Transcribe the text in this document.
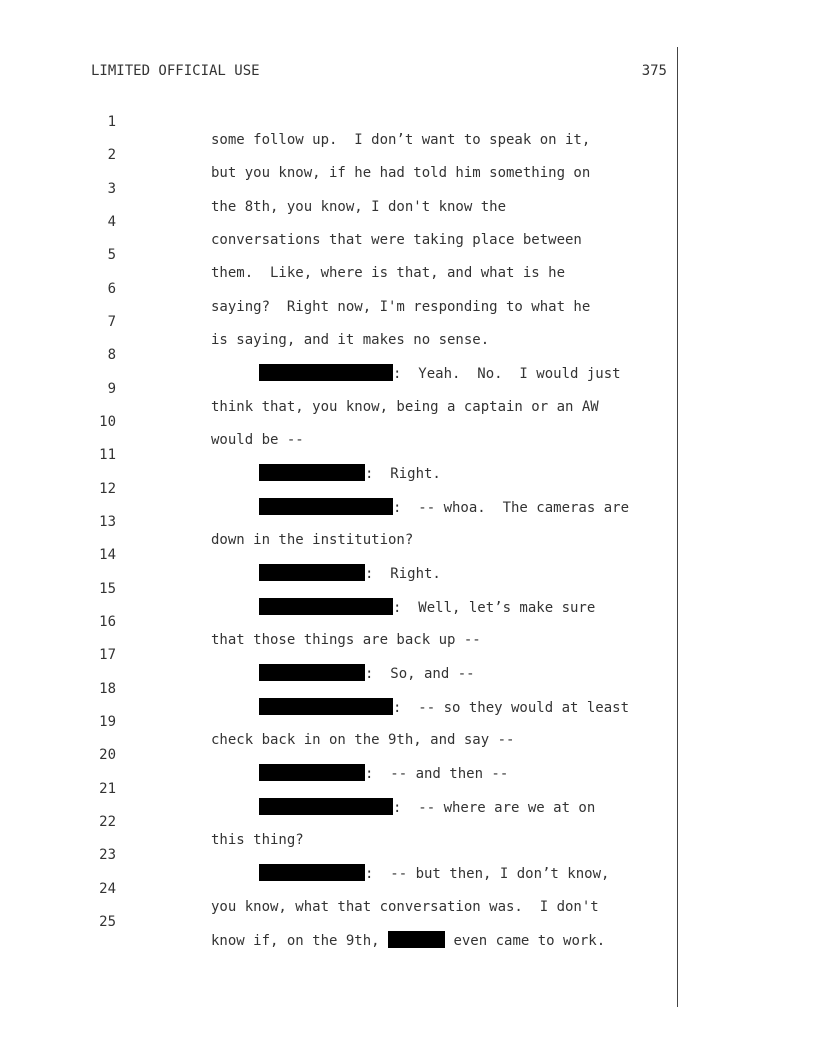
LIMITED OFFICIAL USE	375

1

some follow up.  I don’t want to speak on it,

2

but you know, if he had told him something on

3

the 8th, you know, I don't know the

4

conversations that were taking place between

5

them.  Like, where is that, and what is he

6

saying?  Right now, I'm responding to what he

7

is saying, and it makes no sense.

8

:  Yeah.  No.  I would just

9

think that, you know, being a captain or an AW

10

would be --

11

:  Right.

12

:  -- whoa.  The cameras are

13

down in the institution?

14

:  Right.

15

:  Well, let’s make sure

16

that those things are back up --

17

:  So, and --

18

:  -- so they would at least

19

check back in on the 9th, and say --

20

:  -- and then --

21

:  -- where are we at on

22

this thing?

23

:  -- but then, I don’t know,

24

you know, what that conversation was.  I don't

25

know if, on the 9th,	even came to work.
